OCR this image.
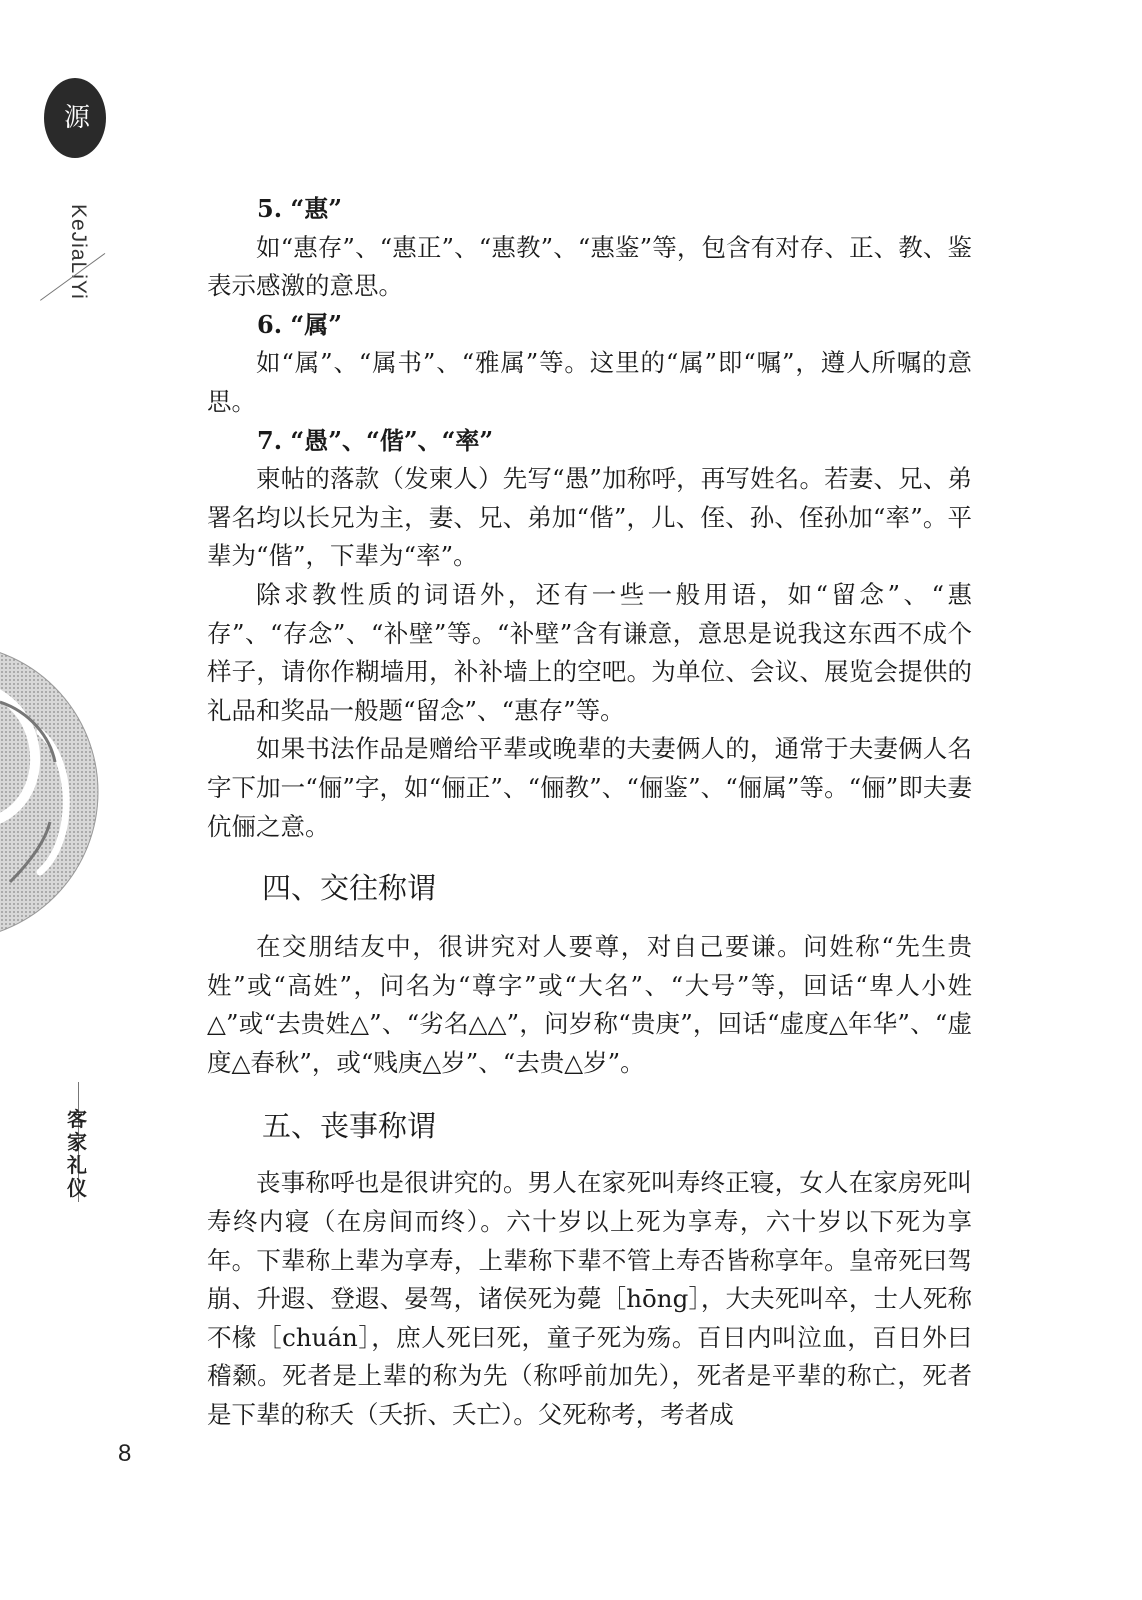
源
KeJiaLiYi
客家礼仪

5. “惠”

如“惠存”、“惠正”、“惠教”、“惠鉴”等，包含有对存、正、教、鉴表示感激的意思。

6. “属”

如“属”、“属书”、“雅属”等。这里的“属”即“嘱”，遵人所嘱的意思。

7. “愚”、“偕”、“率”

柬帖的落款（发柬人）先写“愚”加称呼，再写姓名。若妻、兄、弟署名均以长兄为主，妻、兄、弟加“偕”，儿、侄、孙、侄孙加“率”。平辈为“偕”，下辈为“率”。

除求教性质的词语外，还有一些一般用语，如“留念”、“惠存”、“存念”、“补壁”等。“补壁”含有谦意，意思是说我这东西不成个样子，请你作糊墙用，补补墙上的空吧。为单位、会议、展览会提供的礼品和奖品一般题“留念”、“惠存”等。

如果书法作品是赠给平辈或晚辈的夫妻俩人的，通常于夫妻俩人名字下加一“俪”字，如“俪正”、“俪教”、“俪鉴”、“俪属”等。“俪”即夫妻伉俪之意。

四、交往称谓

在交朋结友中，很讲究对人要尊，对自己要谦。问姓称“先生贵姓”或“高姓”，问名为“尊字”或“大名”、“大号”等，回话“卑人小姓△”或“去贵姓△”、“劣名△△”，问岁称“贵庚”，回话“虚度△年华”、“虚度△春秋”，或“贱庚△岁”、“去贵△岁”。

五、丧事称谓

丧事称呼也是很讲究的。男人在家死叫寿终正寝，女人在家房死叫寿终内寝（在房间而终）。六十岁以上死为享寿，六十岁以下死为享年。下辈称上辈为享寿，上辈称下辈不管上寿否皆称享年。皇帝死曰驾崩、升遐、登遐、晏驾，诸侯死为薨［hōng］，大夫死叫卒，士人死称不椽［chuán］，庶人死曰死，童子死为殇。百日内叫泣血，百日外曰稽颡。死者是上辈的称为先（称呼前加先），死者是平辈的称亡，死者是下辈的称夭（夭折、夭亡）。父死称考，考者成

8
